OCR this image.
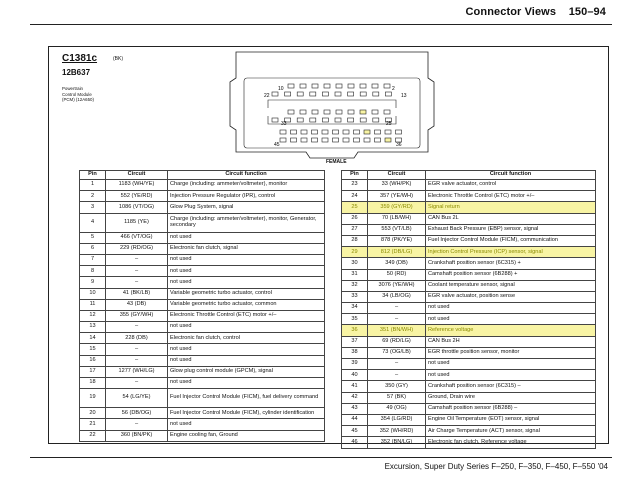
Connector Views 150–94
C1381c	(BK)
12B637
Powertrain
Control Module
(PCM) (12A650)
10	2
22	13
33	25
45	36
FEMALE
Pin	Circuit	Circuit function
1	1183 (WH/YE)	Charge (including: ammeter/voltmeter), monitor
2	552 (YE/RD)	Injection Pressure Regulator (IPR), control
3	1086 (VT/OG)	Glow Plug System, signal
4	1185 (YE)	Charge (including: ammeter/voltmeter), monitor, Generator, secondary
5	466 (VT/OG)	not used
6	229 (RD/OG)	Electronic fan clutch, signal
7	–	not used
8	–	not used
9	–	not used
10	41 (BK/LB)	Variable geometric turbo actuator, control
11	43 (DB)	Variable geometric turbo actuator, common
12	355 (GY/WH)	Electronic Throttle Control (ETC) motor +/–
13	–	not used
14	228 (DB)	Electronic fan clutch, control
15	–	not used
16	–	not used
17	1277 (WH/LG)	Glow plug control module (GPCM), signal
18	–	not used
19	54 (LG/YE)	Fuel Injector Control Module (FICM), fuel delivery command
20	56 (DB/OG)	Fuel Injector Control Module (FICM), cylinder identification
21	–	not used
22	360 (BN/PK)	Engine cooling fan, Ground
Pin	Circuit	Circuit function
23	33 (WH/PK)	EGR valve actuator, control
24	357 (YE/WH)	Electronic Throttle Control (ETC) motor +/–
25	359 (GY/RD)	Signal return
26	70 (LB/WH)	CAN Bus 2L
27	553 (VT/LB)	Exhaust Back Pressure (EBP) sensor, signal
28	878 (PK/YE)	Fuel Injector Control Module (FICM), communication
29	812 (DB/LG)	Injection Control Pressure (ICP) sensor, signal
30	349 (DB)	Crankshaft position sensor (6C315) +
31	50 (RD)	Camshaft position sensor (6B288) +
32	3076 (YE/WH)	Coolant temperature sensor, signal
33	34 (LB/OG)	EGR valve actuator, position sense
34	–	not used
35	–	not used
36	351 (BN/WH)	Reference voltage
37	69 (RD/LG)	CAN Bus 2H
38	73 (OG/LB)	EGR throttle position sensor, monitor
39	–	not used
40	–	not used
41	350 (GY)	Crankshaft position sensor (6C315) –
42	57 (BK)	Ground, Drain wire
43	49 (OG)	Camshaft position sensor (6B288) –
44	354 (LG/RD)	Engine Oil Temperature (EOT) sensor, signal
45	352 (WH/RD)	Air Charge Temperature (ACT) sensor, signal
46	352 (BN/LG)	Electronic fan clutch, Reference voltage
Excursion, Super Duty Series F–250, F–350, F–450, F–550 '04
